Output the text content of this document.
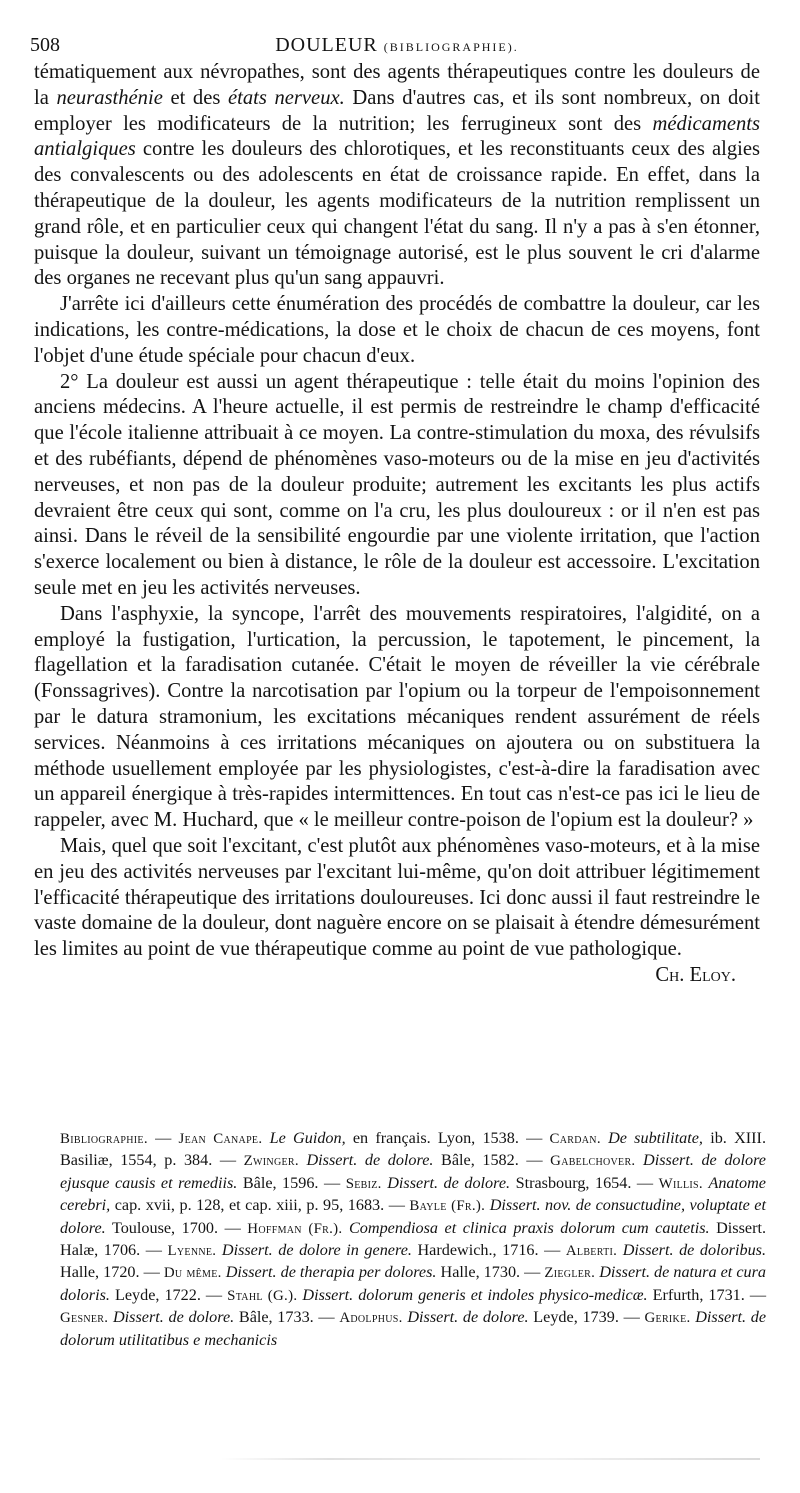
508	DOULEUR (BIBLIOGRAPHIE).

tématiquement aux névropathes, sont des agents thérapeutiques contre les douleurs de la neurasthénie et des états nerveux. Dans d'autres cas, et ils sont nombreux, on doit employer les modificateurs de la nutrition; les ferrugineux sont des médicaments antialgiques contre les douleurs des chlorotiques, et les reconstituants ceux des algies des convalescents ou des adolescents en état de croissance rapide. En effet, dans la thérapeutique de la douleur, les agents modificateurs de la nutrition remplissent un grand rôle, et en particulier ceux qui changent l'état du sang. Il n'y a pas à s'en étonner, puisque la douleur, suivant un témoignage autorisé, est le plus souvent le cri d'alarme des organes ne recevant plus qu'un sang appauvri.

J'arrête ici d'ailleurs cette énumération des procédés de combattre la douleur, car les indications, les contre-médications, la dose et le choix de chacun de ces moyens, font l'objet d'une étude spéciale pour chacun d'eux.

2° La douleur est aussi un agent thérapeutique : telle était du moins l'opinion des anciens médecins. A l'heure actuelle, il est permis de restreindre le champ d'efficacité que l'école italienne attribuait à ce moyen. La contre-stimulation du moxa, des révulsifs et des rubéfiants, dépend de phénomènes vaso-moteurs ou de la mise en jeu d'activités nerveuses, et non pas de la douleur produite; autrement les excitants les plus actifs devraient être ceux qui sont, comme on l'a cru, les plus douloureux : or il n'en est pas ainsi. Dans le réveil de la sensibilité engourdie par une violente irritation, que l'action s'exerce localement ou bien à distance, le rôle de la douleur est accessoire. L'excitation seule met en jeu les activités nerveuses.

Dans l'asphyxie, la syncope, l'arrêt des mouvements respiratoires, l'algidité, on a employé la fustigation, l'urtication, la percussion, le tapotement, le pincement, la flagellation et la faradisation cutanée. C'était le moyen de réveiller la vie cérébrale (Fonssagrives). Contre la narcotisation par l'opium ou la torpeur de l'empoisonnement par le datura stramonium, les excitations mécaniques rendent assurément de réels services. Néanmoins à ces irritations mécaniques on ajoutera ou on substituera la méthode usuellement employée par les physiologistes, c'est-à-dire la faradisation avec un appareil énergique à très-rapides intermittences. En tout cas n'est-ce pas ici le lieu de rappeler, avec M. Huchard, que « le meilleur contre-poison de l'opium est la douleur? »

Mais, quel que soit l'excitant, c'est plutôt aux phénomènes vaso-moteurs, et à la mise en jeu des activités nerveuses par l'excitant lui-même, qu'on doit attribuer légitimement l'efficacité thérapeutique des irritations douloureuses. Ici donc aussi il faut restreindre le vaste domaine de la douleur, dont naguère encore on se plaisait à étendre démesurément les limites au point de vue thérapeutique comme au point de vue pathologique.
Ch. Eloy.

Bibliographie. — Jean Canape. Le Guidon, en français. Lyon, 1538. — Cardan. De subtilitate, ib. XIII. Basiliæ, 1554, p. 384. — Zwinger. Dissert. de dolore. Bâle, 1582. — Gabelchover. Dissert. de dolore ejusque causis et remediis. Bâle, 1596. — Sebiz. Dissert. de dolore. Strasbourg, 1654. — Willis. Anatome cerebri, cap. xvii, p. 128, et cap. xiii, p. 95, 1683. — Bayle (Fr.). Dissert. nov. de consuctudine, voluptate et dolore. Toulouse, 1700. — Hoffman (Fr.). Compendiosa et clinica praxis dolorum cum cautetis. Dissert. Halæ, 1706. — Lyenne. Dissert. de dolore in genere. Hardewich., 1716. — Alberti. Dissert. de doloribus. Halle, 1720. — Du même. Dissert. de therapia per dolores. Halle, 1730. — Ziegler. Dissert. de natura et cura doloris. Leyde, 1722. — Stahl (G.). Dissert. dolorum generis et indoles physico-medicæ. Erfurth, 1731. — Gesner. Dissert. de dolore. Bâle, 1733. — Adolphus. Dissert. de dolore. Leyde, 1739. — Gerike. Dissert. de dolorum utilitatibus e mechanicis
